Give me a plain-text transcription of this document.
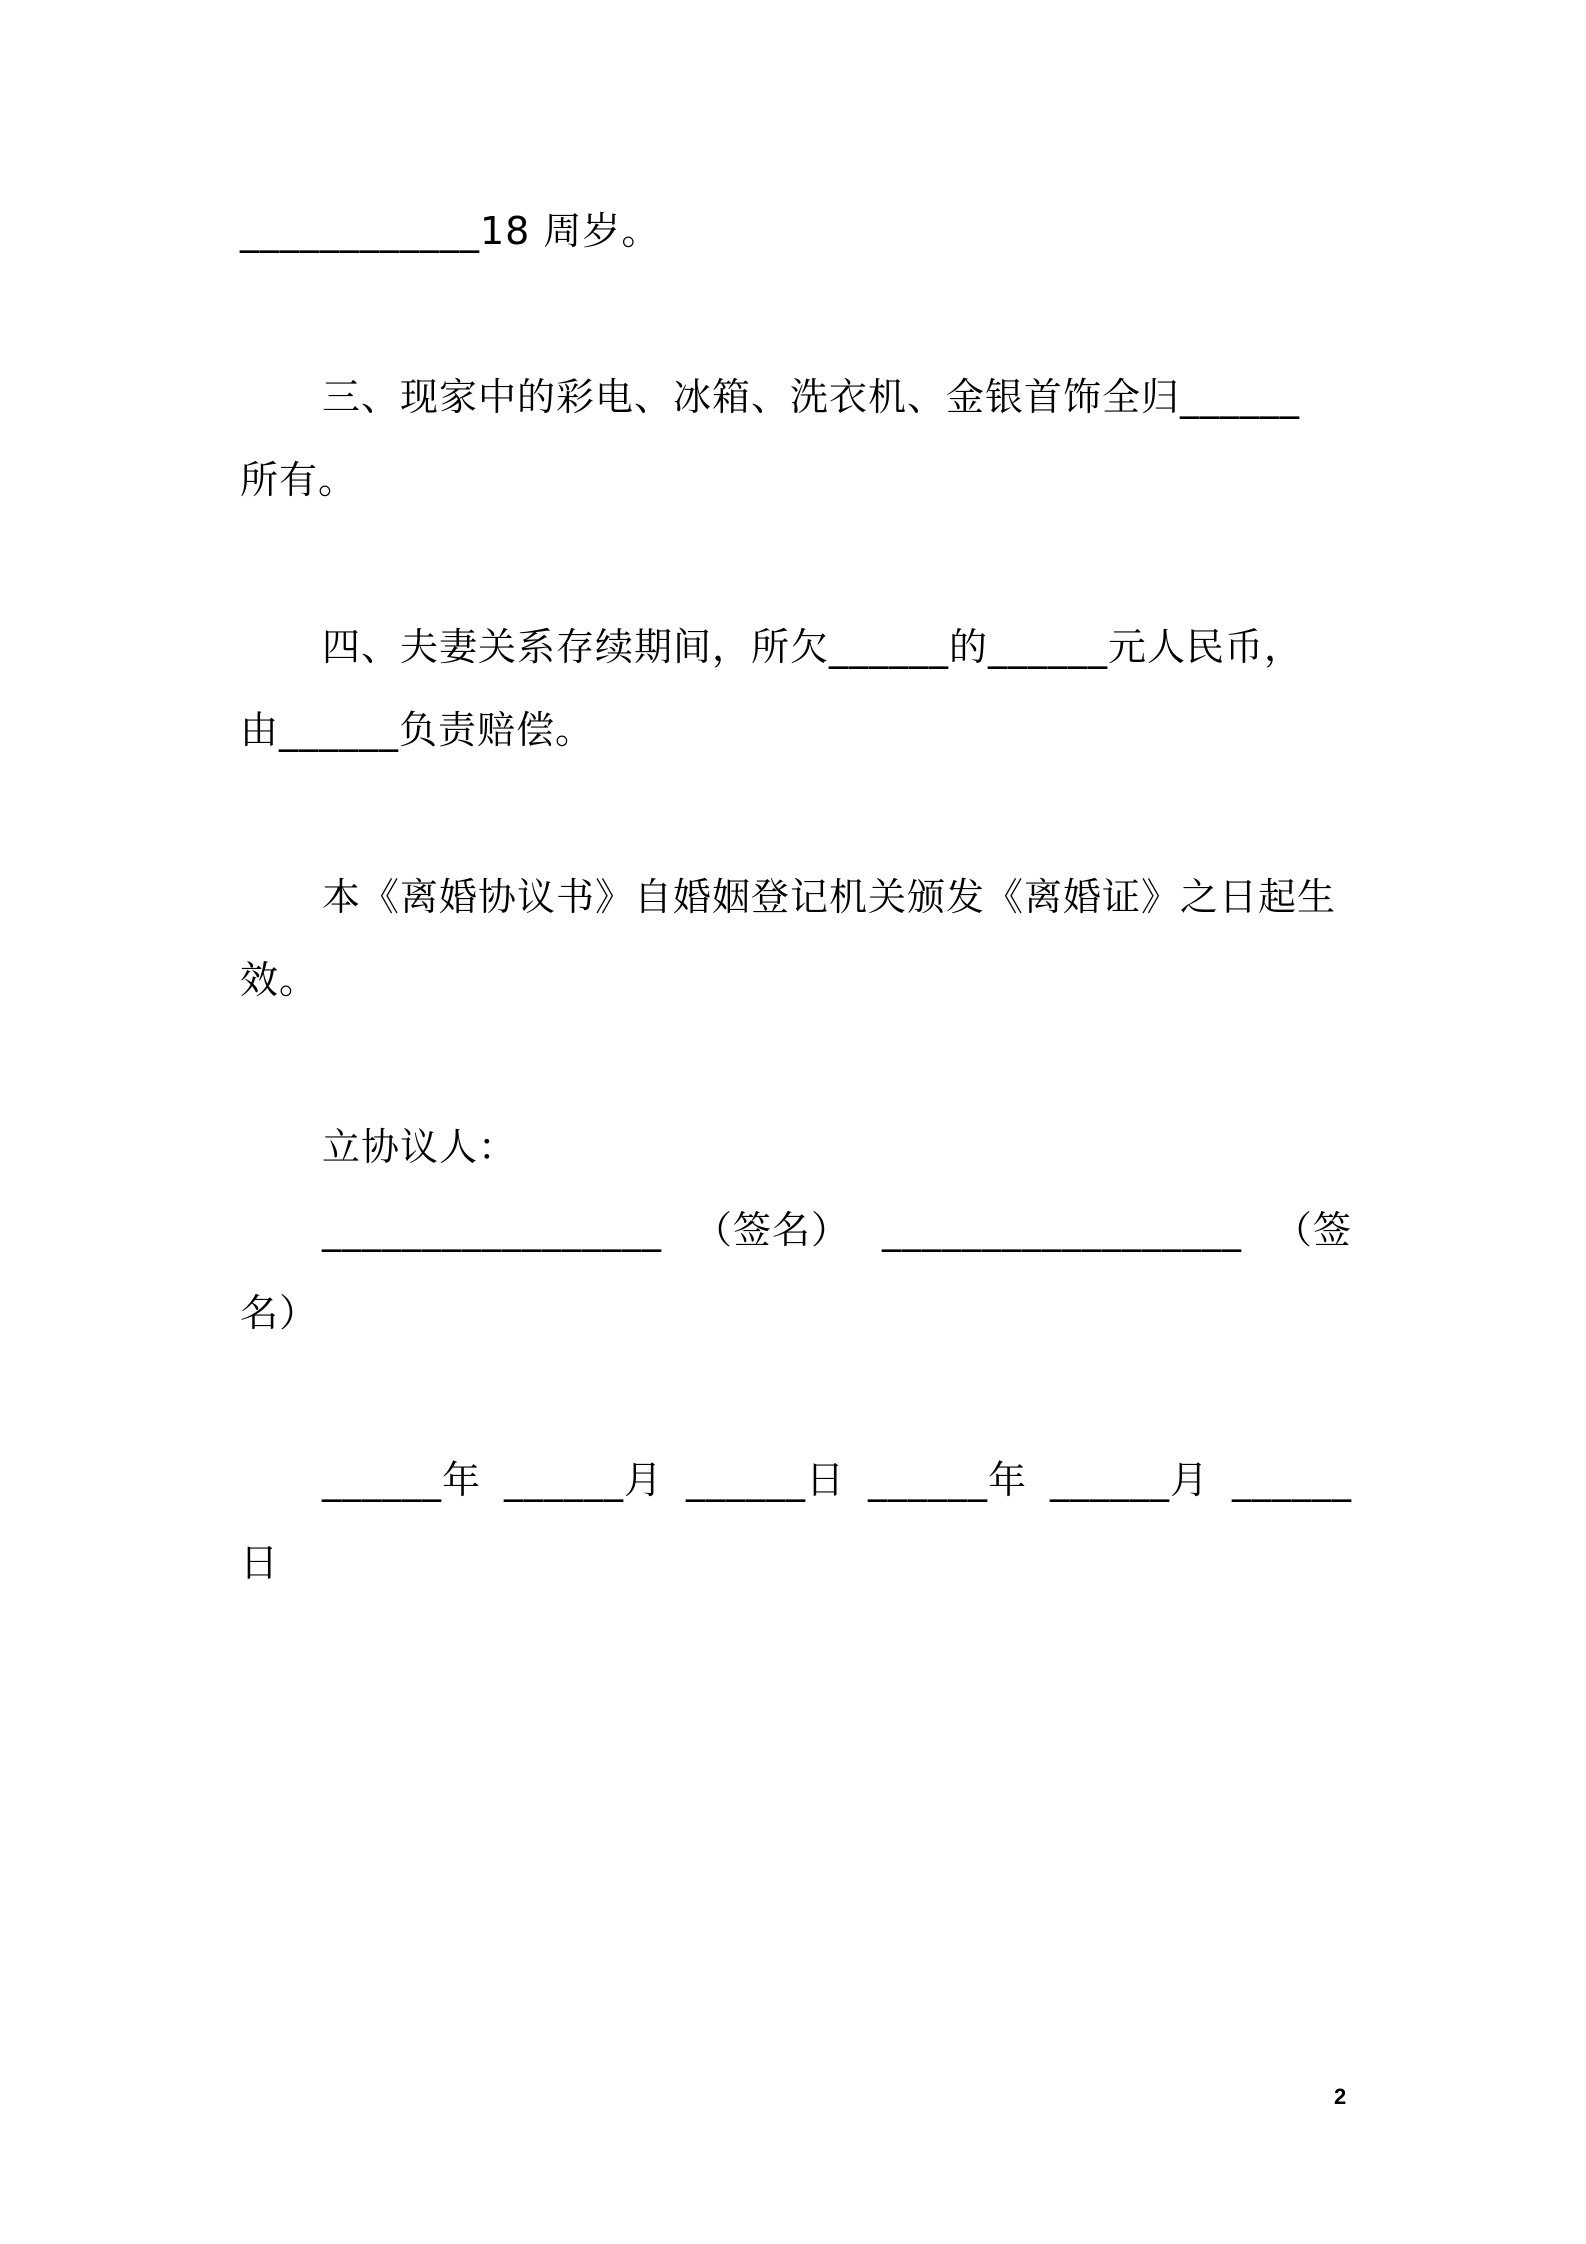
____________18 周岁。
三、现家中的彩电、冰箱、洗衣机、金银首饰全归______
所有。
四、夫妻关系存续期间，所欠______的______元人民币，
由______负责赔偿。
本《离婚协议书》自婚姻登记机关颁发《离婚证》之日起生
效。
立协议人：
_________________ （签名） __________________ （签
名）
______年 ______月 ______日 ______年 ______月 ______
日
2
